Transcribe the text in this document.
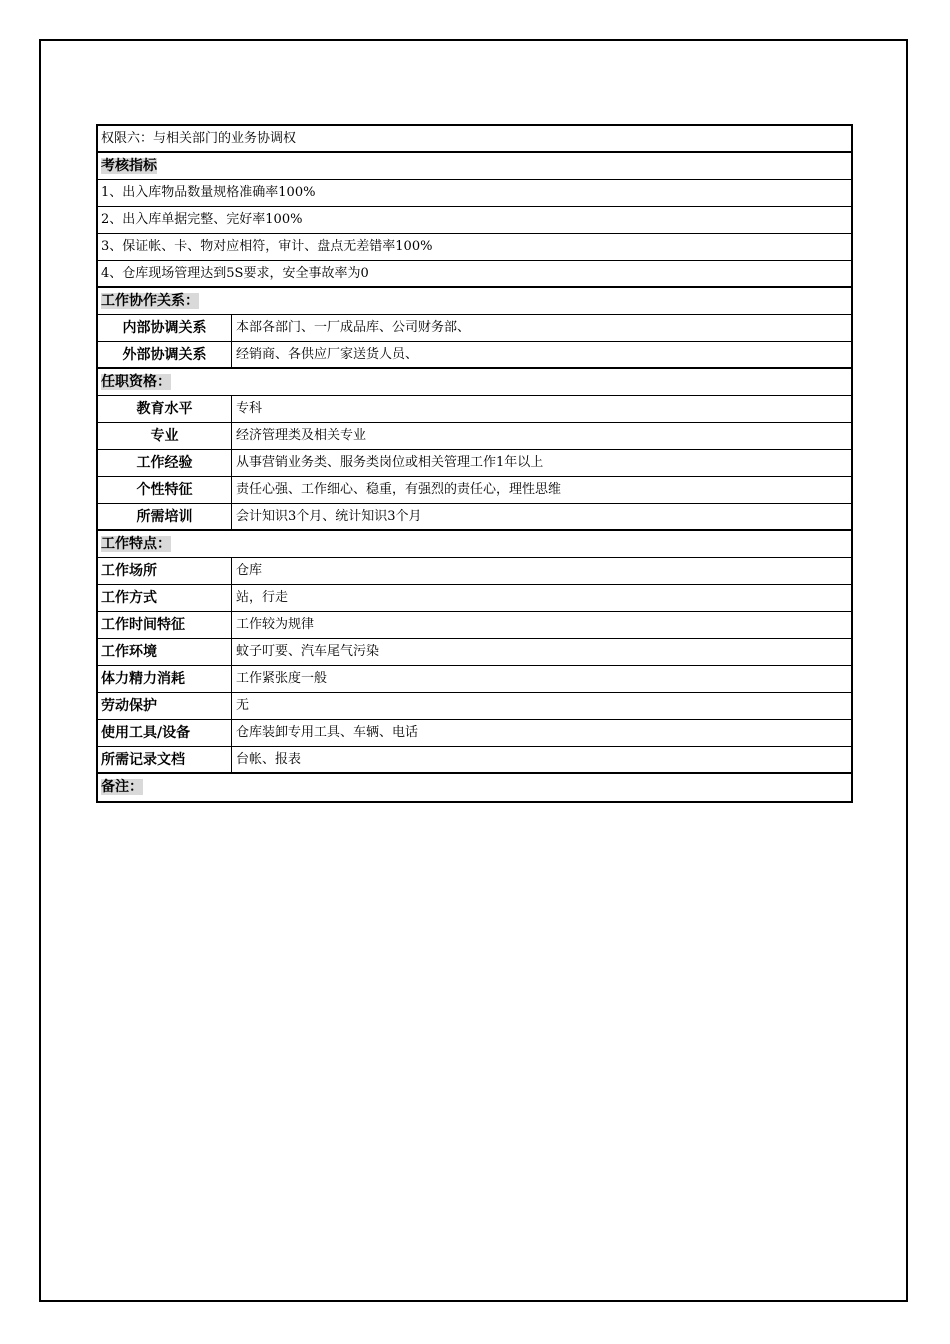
权限六：与相关部门的业务协调权
考核指标
1、出入库物品数量规格准确率100%
2、出入库单据完整、完好率100%
3、保证帐、卡、物对应相符，审计、盘点无差错率100%
4、仓库现场管理达到5S要求，安全事故率为0
工作协作关系：
内部协调关系	本部各部门、一厂成品库、公司财务部、
外部协调关系	经销商、各供应厂家送货人员、
任职资格：
教育水平	专科
专业	经济管理类及相关专业
工作经验	从事营销业务类、服务类岗位或相关管理工作1年以上
个性特征	责任心强、工作细心、稳重，有强烈的责任心，理性思维
所需培训	会计知识3个月、统计知识3个月
工作特点：
工作场所	仓库
工作方式	站，行走
工作时间特征	工作较为规律
工作环境	蚊子叮要、汽车尾气污染
体力精力消耗	工作紧张度一般
劳动保护	无
使用工具/设备	仓库装卸专用工具、车辆、电话
所需记录文档	台帐、报表
备注：
